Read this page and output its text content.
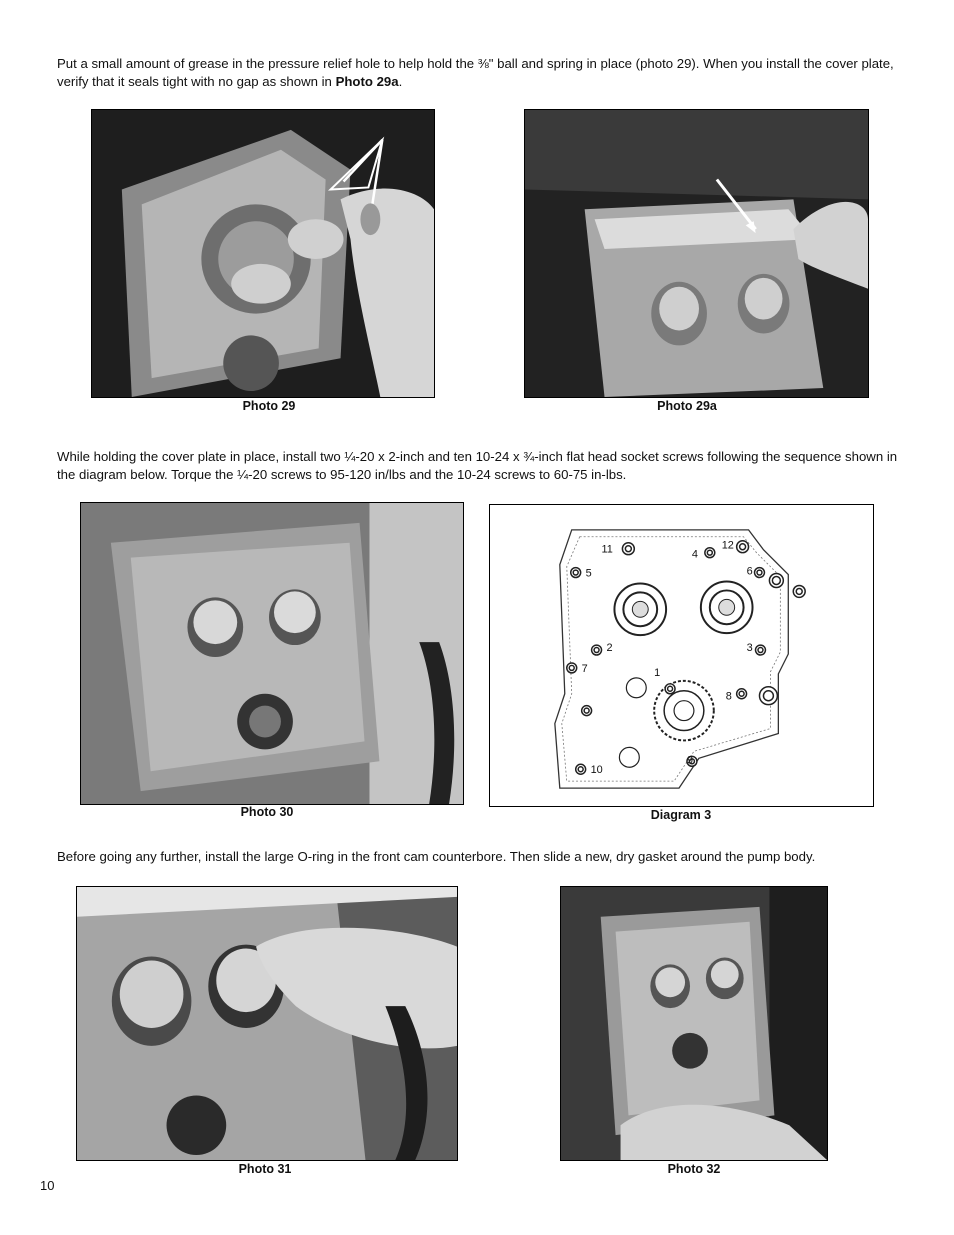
Put a small amount of grease in the pressure relief hole to help hold the ⅜" ball and spring in place (photo 29). When you install the cover plate, verify that it seals tight with no gap as shown in Photo 29a.
Photo 29	Photo 29a
While holding the cover plate in place, install two ¼-20 x 2-inch and ten 10-24 x ¾-inch flat head socket screws following the sequence shown in the diagram below. Torque the ¼-20 screws to 95-120 in/lbs and the 10-24 screws to 60-75 in-lbs.
Photo 30
1
2	3
4
5	6
7
8
9
10
11	12
Diagram 3
Before going any further, install the large O-ring in the front cam counterbore. Then slide a new, dry gasket around the pump body.
Photo 31	Photo 32
10
